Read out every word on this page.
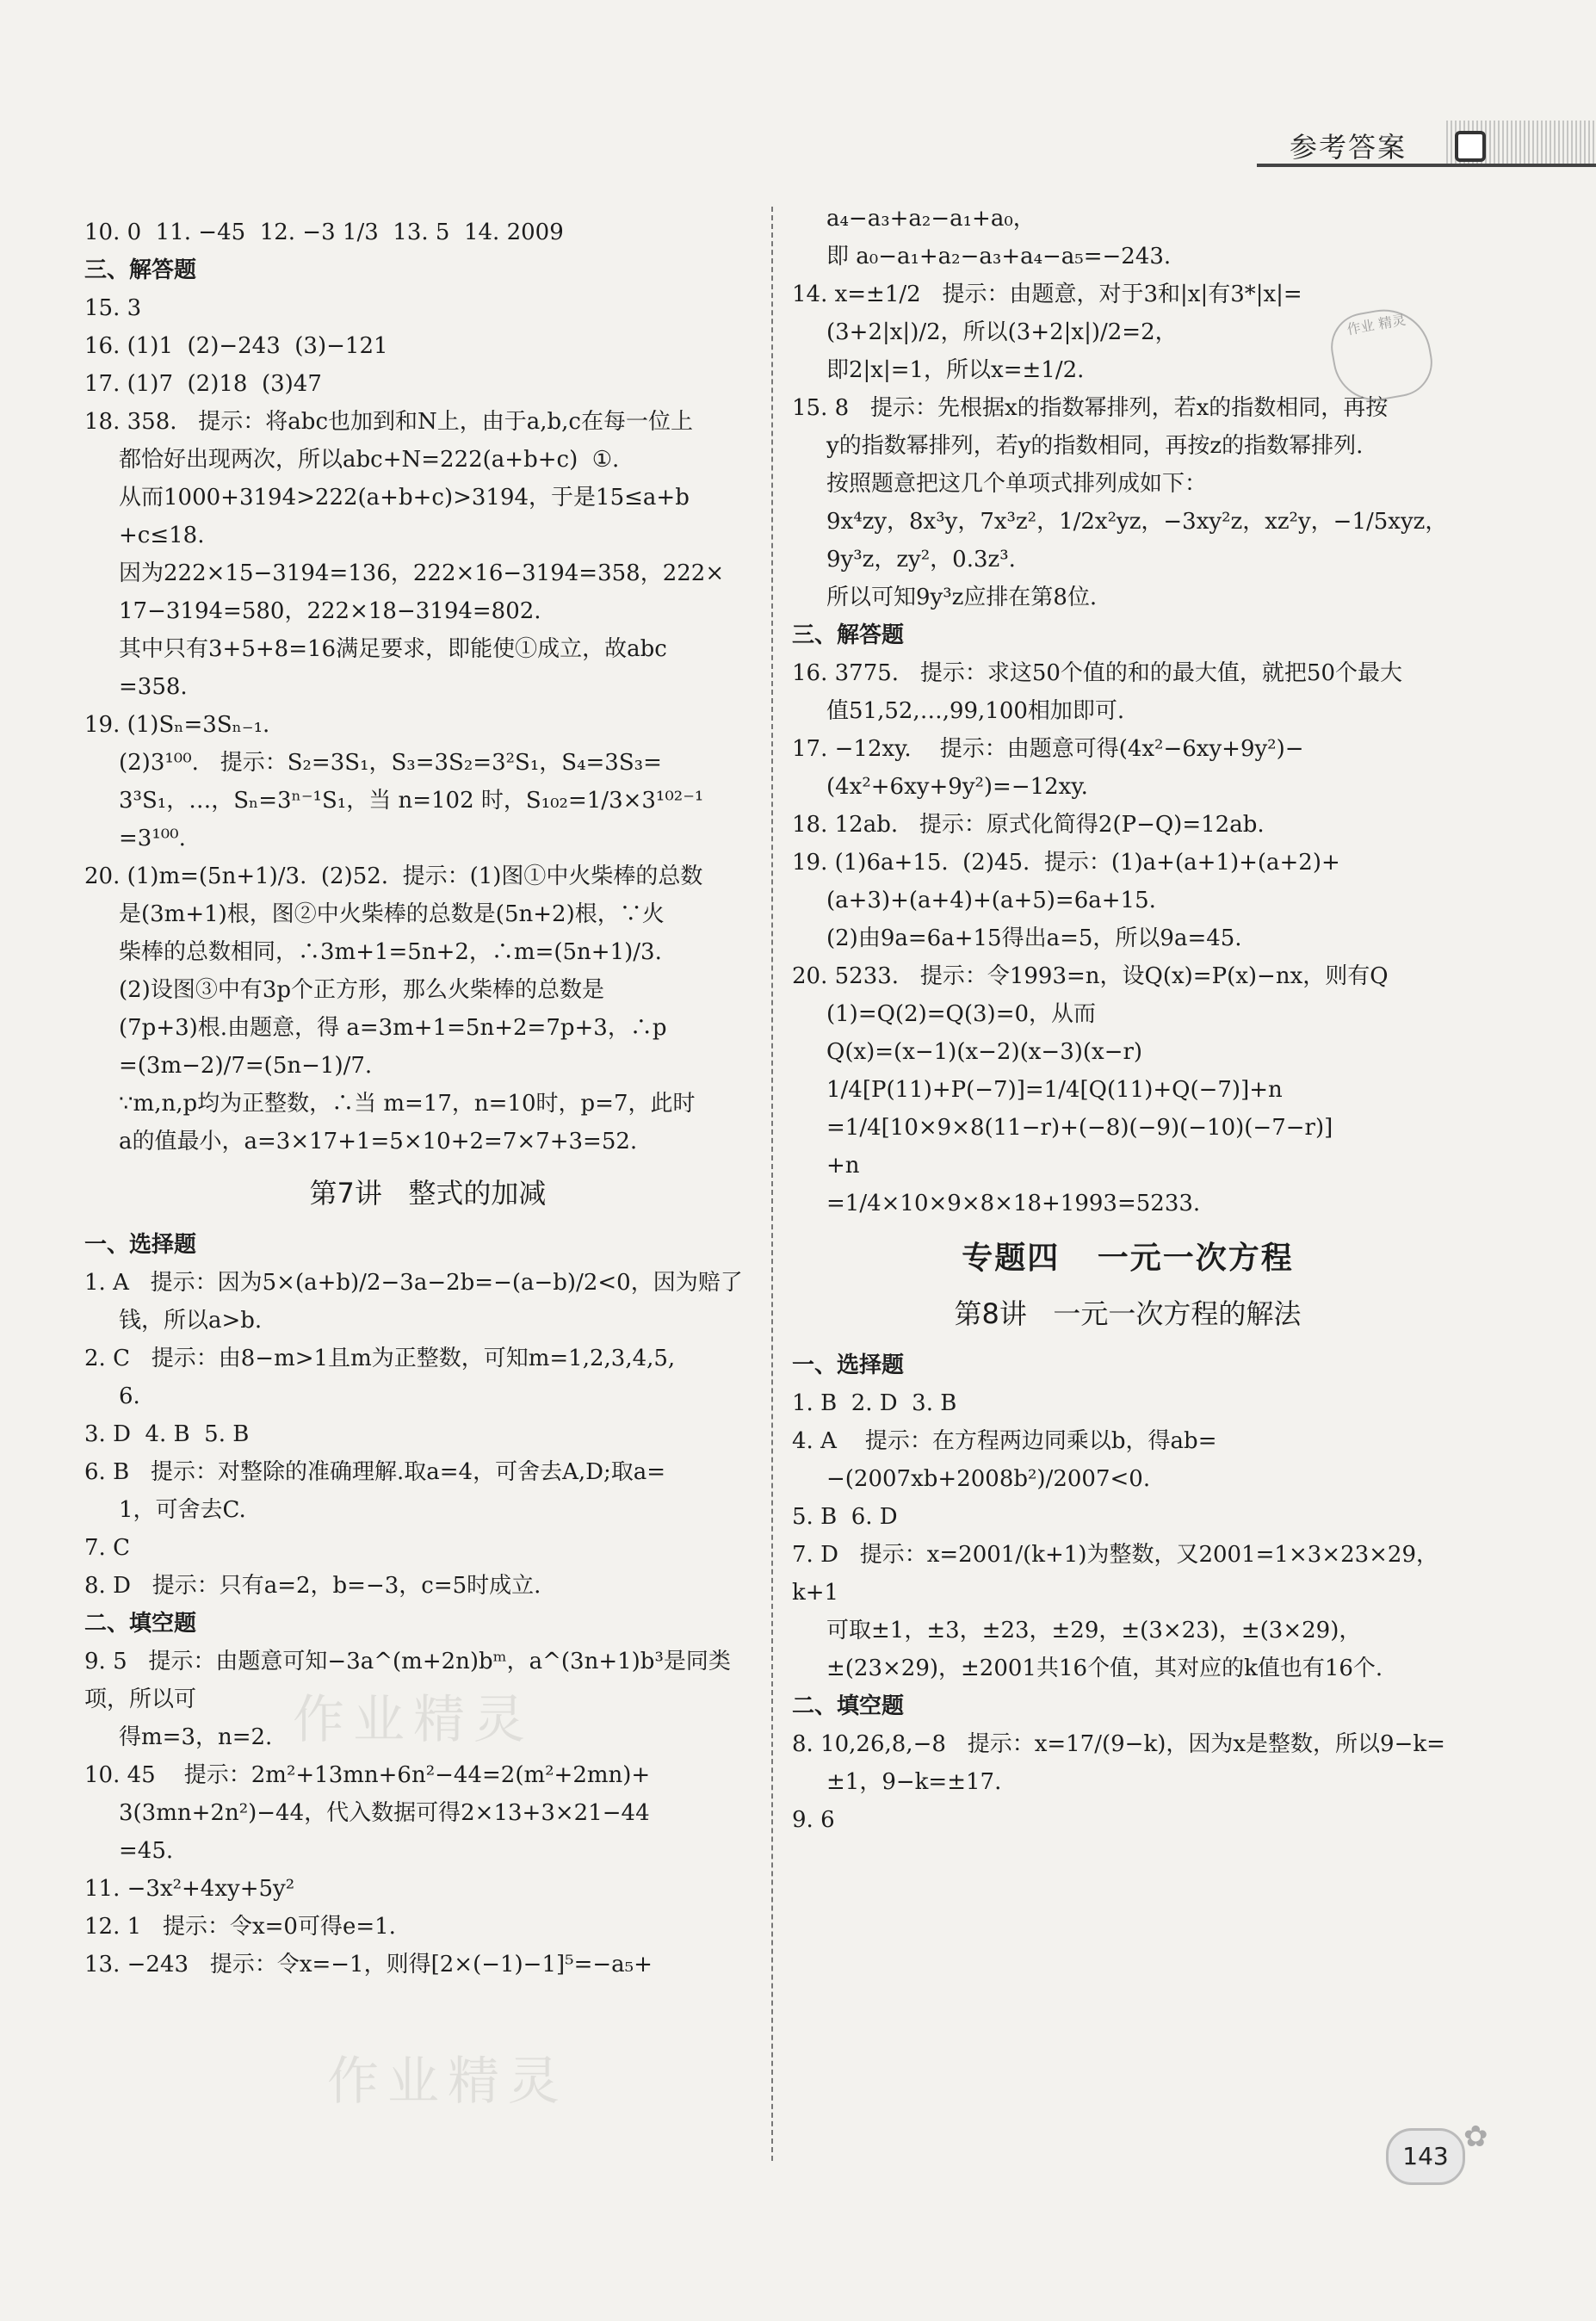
参考答案

10. 0  11. −45  12. −3 1/3  13. 5  14. 2009

三、解答题

15. 3

16. (1)1  (2)−243  (3)−121

17. (1)7  (2)18  (3)47

18. 358.   提示：将abc也加到和N上，由于a,b,c在每一位上

都恰好出现两次，所以abc+N=222(a+b+c)  ①.

从而1000+3194>222(a+b+c)>3194，于是15≤a+b

+c≤18.

因为222×15−3194=136，222×16−3194=358，222×

17−3194=580，222×18−3194=802.

其中只有3+5+8=16满足要求，即能使①成立，故abc

=358.

19. (1)Sₙ=3Sₙ₋₁.

(2)3¹⁰⁰.   提示：S₂=3S₁，S₃=3S₂=3²S₁，S₄=3S₃=

3³S₁，…，Sₙ=3ⁿ⁻¹S₁，当 n=102 时，S₁₀₂=1/3×3¹⁰²⁻¹

=3¹⁰⁰.

20. (1)m=(5n+1)/3.  (2)52.  提示：(1)图①中火柴棒的总数

是(3m+1)根，图②中火柴棒的总数是(5n+2)根，∵火

柴棒的总数相同，∴3m+1=5n+2，∴m=(5n+1)/3.

(2)设图③中有3p个正方形，那么火柴棒的总数是

(7p+3)根.由题意，得 a=3m+1=5n+2=7p+3，∴p

=(3m−2)/7=(5n−1)/7.

∵m,n,p均为正整数，∴当 m=17，n=10时，p=7，此时

a的值最小，a=3×17+1=5×10+2=7×7+3=52.

第7讲   整式的加减

一、选择题

1. A   提示：因为5×(a+b)/2−3a−2b=−(a−b)/2<0，因为赔了

钱，所以a>b.

2. C   提示：由8−m>1且m为正整数，可知m=1,2,3,4,5,

6.

3. D  4. B  5. B

6. B   提示：对整除的准确理解.取a=4，可舍去A,D;取a=

1，可舍去C.

7. C

8. D   提示：只有a=2，b=−3，c=5时成立.

二、填空题

9. 5   提示：由题意可知−3a^(m+2n)bᵐ，a^(3n+1)b³是同类项，所以可

得m=3，n=2.

10. 45    提示：2m²+13mn+6n²−44=2(m²+2mn)+

3(3mn+2n²)−44，代入数据可得2×13+3×21−44

=45.

11. −3x²+4xy+5y²

12. 1   提示：令x=0可得e=1.

13. −243   提示：令x=−1，则得[2×(−1)−1]⁵=−a₅+

a₄−a₃+a₂−a₁+a₀，

即 a₀−a₁+a₂−a₃+a₄−a₅=−243.

14. x=±1/2   提示：由题意，对于3和|x|有3*|x|=

(3+2|x|)/2，所以(3+2|x|)/2=2，

即2|x|=1，所以x=±1/2.

15. 8   提示：先根据x的指数幂排列，若x的指数相同，再按

y的指数幂排列，若y的指数相同，再按z的指数幂排列.

按照题意把这几个单项式排列成如下：

9x⁴zy，8x³y，7x³z²，1/2x²yz，−3xy²z，xz²y，−1/5xyz，

9y³z，zy²，0.3z³.

所以可知9y³z应排在第8位.

三、解答题

16. 3775.   提示：求这50个值的和的最大值，就把50个最大

值51,52,…,99,100相加即可.

17. −12xy.    提示：由题意可得(4x²−6xy+9y²)−

(4x²+6xy+9y²)=−12xy.

18. 12ab.   提示：原式化简得2(P−Q)=12ab.

19. (1)6a+15.  (2)45.  提示：(1)a+(a+1)+(a+2)+

(a+3)+(a+4)+(a+5)=6a+15.

(2)由9a=6a+15得出a=5，所以9a=45.

20. 5233.   提示：令1993=n，设Q(x)=P(x)−nx，则有Q

(1)=Q(2)=Q(3)=0，从而

Q(x)=(x−1)(x−2)(x−3)(x−r)

1/4[P(11)+P(−7)]=1/4[Q(11)+Q(−7)]+n

=1/4[10×9×8(11−r)+(−8)(−9)(−10)(−7−r)]

+n

=1/4×10×9×8×18+1993=5233.

专题四   一元一次方程

第8讲   一元一次方程的解法

一、选择题

1. B  2. D  3. B

4. A    提示：在方程两边同乘以b，得ab=

−(2007xb+2008b²)/2007<0.

5. B  6. D

7. D   提示：x=2001/(k+1)为整数，又2001=1×3×23×29，k+1

可取±1，±3，±23，±29，±(3×23)，±(3×29)，

±(23×29)，±2001共16个值，其对应的k值也有16个.

二、填空题

8. 10,26,8,−8   提示：x=17/(9−k)，因为x是整数，所以9−k=

±1，9−k=±17.

9. 6

作业 精灵
作业精灵
作业精灵
143
✿
